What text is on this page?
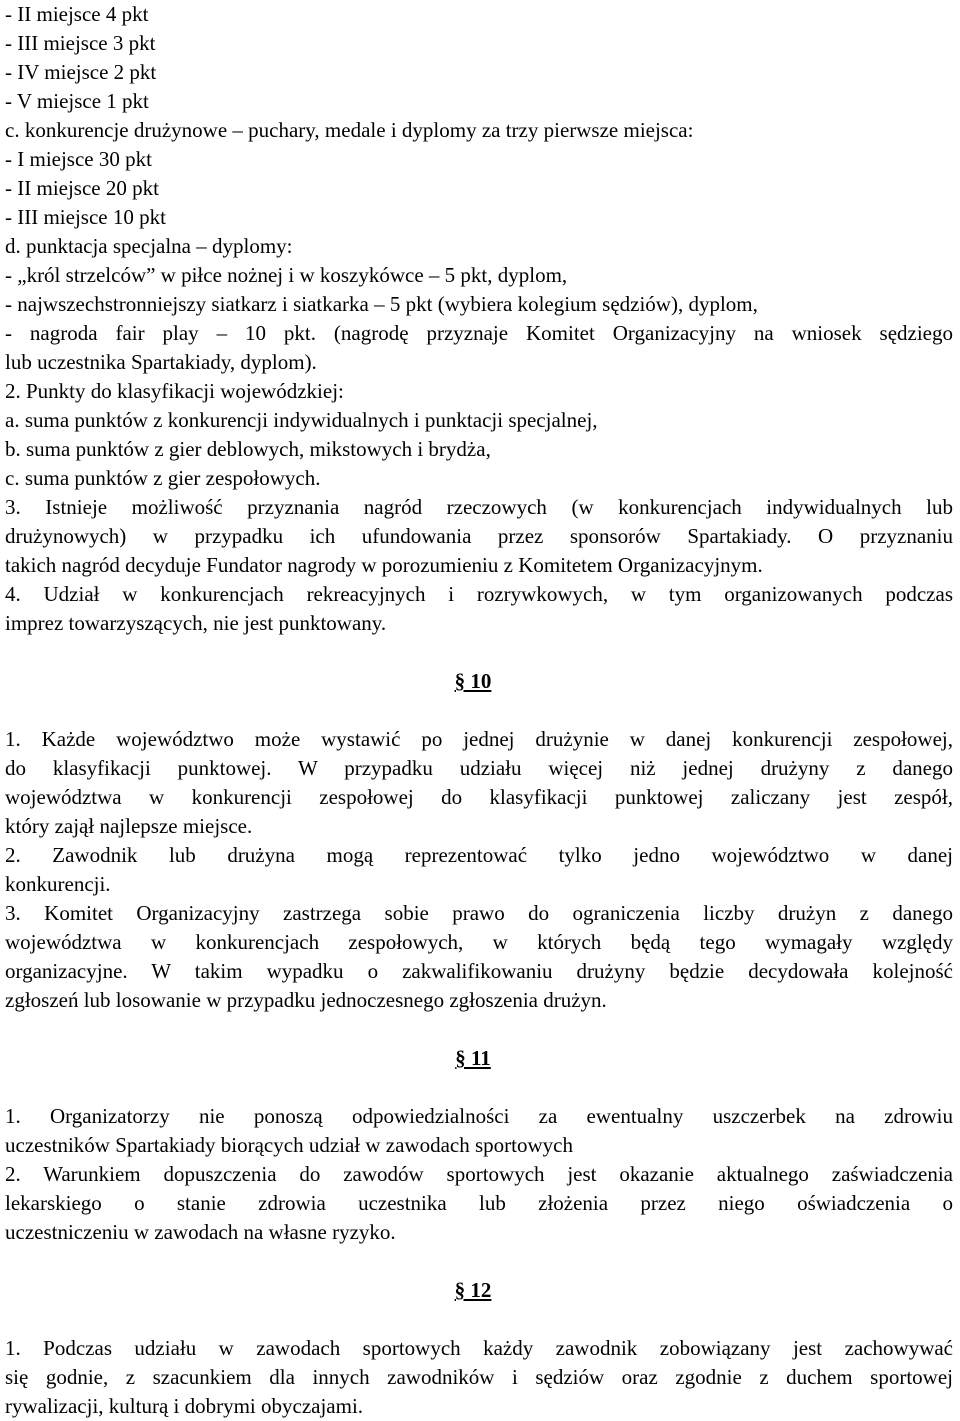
- II miejsce 4 pkt
- III miejsce 3 pkt
- IV miejsce 2 pkt
- V miejsce 1 pkt
c. konkurencje drużynowe – puchary, medale i dyplomy za trzy pierwsze miejsca:
- I miejsce 30 pkt
- II miejsce 20 pkt
- III miejsce 10 pkt
d. punktacja specjalna – dyplomy:
- „król strzelców” w piłce nożnej i w koszykówce – 5 pkt, dyplom,
- najwszechstronniejszy siatkarz i siatkarka – 5 pkt (wybiera kolegium sędziów), dyplom,
- nagroda fair play – 10 pkt. (nagrodę przyznaje Komitet Organizacyjny na wniosek sędziego
lub uczestnika Spartakiady, dyplom).
2. Punkty do klasyfikacji wojewódzkiej:
a. suma punktów z konkurencji indywidualnych i punktacji specjalnej,
b. suma punktów z gier deblowych, mikstowych i brydża,
c. suma punktów z gier zespołowych.
3. Istnieje możliwość przyznania nagród rzeczowych (w konkurencjach indywidualnych lub
drużynowych) w przypadku ich ufundowania przez sponsorów Spartakiady. O przyznaniu
takich nagród decyduje Fundator nagrody w porozumieniu z Komitetem Organizacyjnym.
4. Udział w konkurencjach rekreacyjnych i rozrywkowych, w tym organizowanych podczas
imprez towarzyszących, nie jest punktowany.
§ 10
1. Każde województwo może wystawić po jednej drużynie w danej konkurencji zespołowej,
do klasyfikacji punktowej. W przypadku udziału więcej niż jednej drużyny z danego
województwa w konkurencji zespołowej do klasyfikacji punktowej zaliczany jest zespół,
który zajął najlepsze miejsce.
2. Zawodnik lub drużyna mogą reprezentować tylko jedno województwo w danej
konkurencji.
3. Komitet Organizacyjny zastrzega sobie prawo do ograniczenia liczby drużyn z danego
województwa w konkurencjach zespołowych, w których będą tego wymagały względy
organizacyjne. W takim wypadku o zakwalifikowaniu drużyny będzie decydowała kolejność
zgłoszeń lub losowanie w przypadku jednoczesnego zgłoszenia drużyn.
§ 11
1. Organizatorzy nie ponoszą odpowiedzialności za ewentualny uszczerbek na zdrowiu
uczestników Spartakiady biorących udział w zawodach sportowych
2. Warunkiem dopuszczenia do zawodów sportowych jest okazanie aktualnego zaświadczenia
lekarskiego o stanie zdrowia uczestnika lub złożenia przez niego oświadczenia o
uczestniczeniu w zawodach na własne ryzyko.
§ 12
1. Podczas udziału w zawodach sportowych każdy zawodnik zobowiązany jest zachowywać
się godnie, z szacunkiem dla innych zawodników i sędziów oraz zgodnie z duchem sportowej
rywalizacji, kulturą i dobrymi obyczajami.
